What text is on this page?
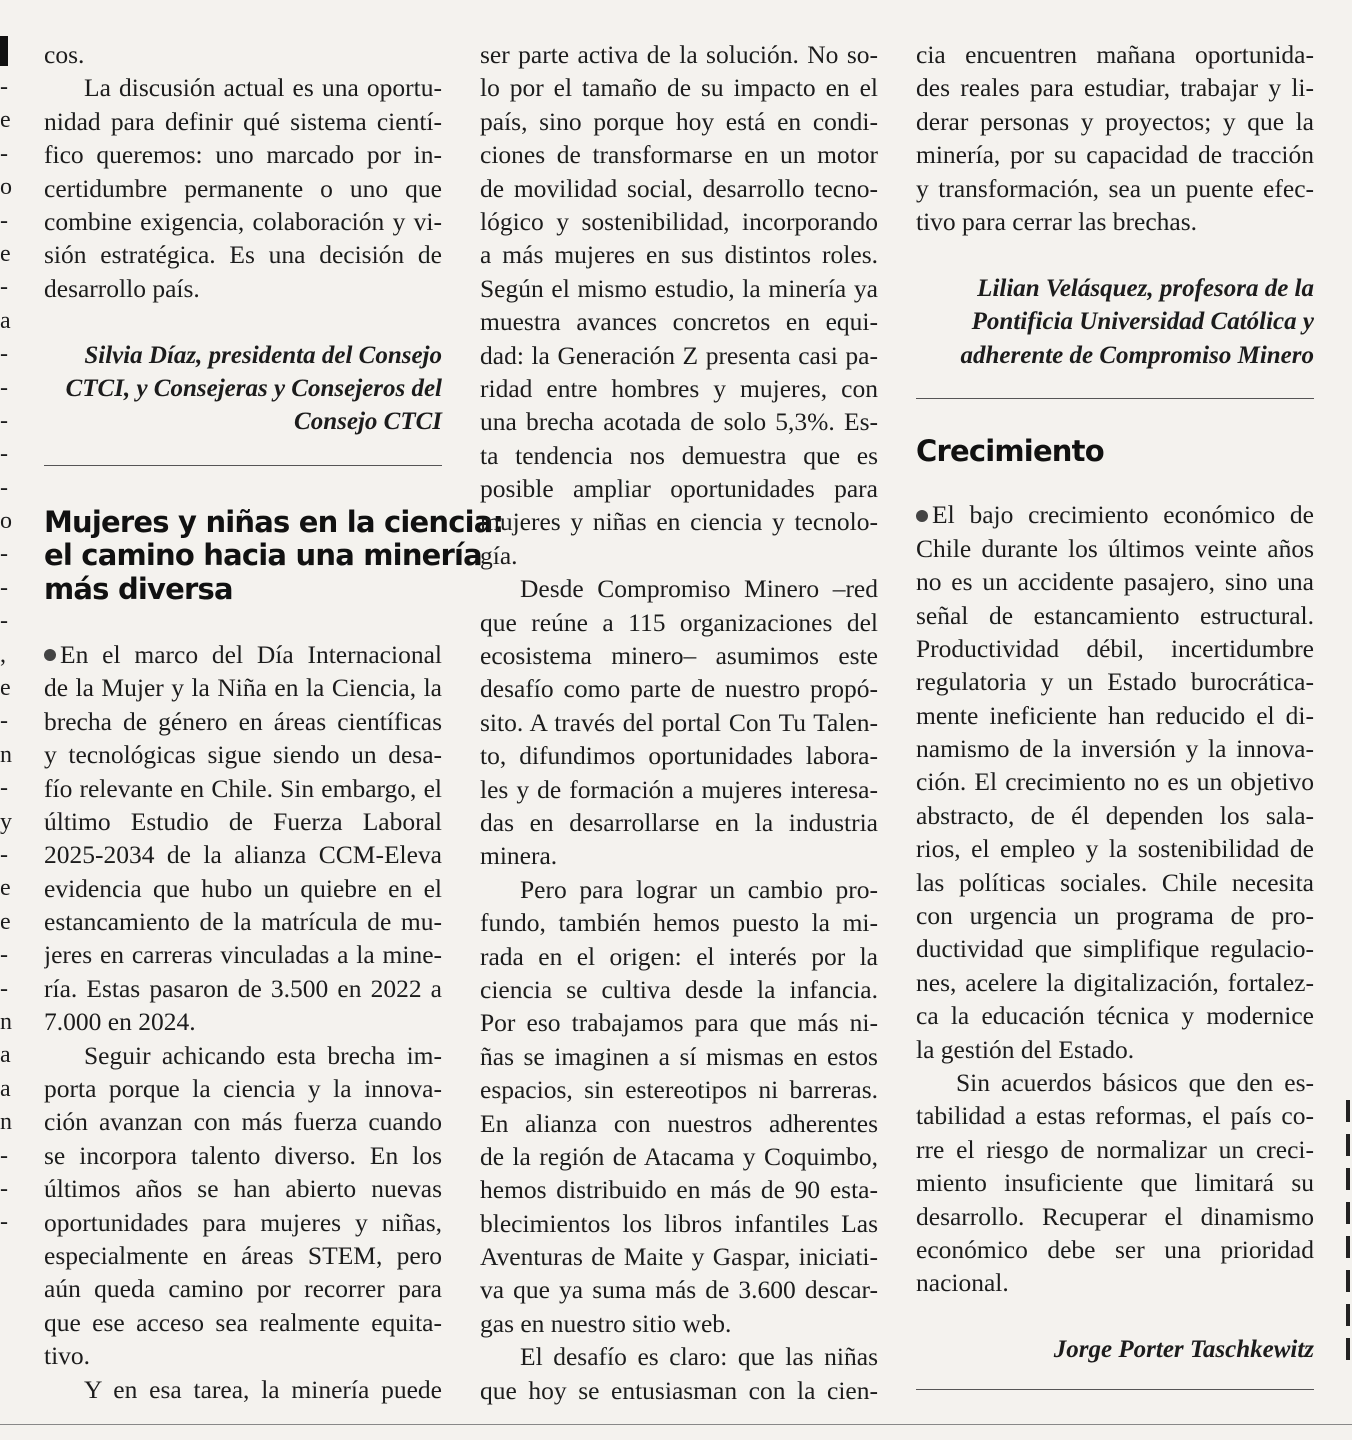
-
e
-
o
-
e
-
a
-
-
-
-
-
o
-
-
-
,
e
-
n
-
y
-
e
e
-
-
n
a
a
n
-
-
-
cos.
La discusión actual es una oportu-
nidad para definir qué sistema cientí-
fico queremos: uno marcado por in-
certidumbre permanente o uno que
combine exigencia, colaboración y vi-
sión estratégica. Es una decisión de
desarrollo país.
Silvia Díaz, presidenta del Consejo
CTCI, y Consejeras y Consejeros del
Consejo CTCI
Mujeres y niñas en la ciencia:
el camino hacia una minería
más diversa
En el marco del Día Internacional
de la Mujer y la Niña en la Ciencia, la
brecha de género en áreas científicas
y tecnológicas sigue siendo un desa-
fío relevante en Chile. Sin embargo, el
último Estudio de Fuerza Laboral
2025-2034 de la alianza CCM-Eleva
evidencia que hubo un quiebre en el
estancamiento de la matrícula de mu-
jeres en carreras vinculadas a la mine-
ría. Estas pasaron de 3.500 en 2022 a
7.000 en 2024.
Seguir achicando esta brecha im-
porta porque la ciencia y la innova-
ción avanzan con más fuerza cuando
se incorpora talento diverso. En los
últimos años se han abierto nuevas
oportunidades para mujeres y niñas,
especialmente en áreas STEM, pero
aún queda camino por recorrer para
que ese acceso sea realmente equita-
tivo.
Y en esa tarea, la minería puede
ser parte activa de la solución. No so-
lo por el tamaño de su impacto en el
país, sino porque hoy está en condi-
ciones de transformarse en un motor
de movilidad social, desarrollo tecno-
lógico y sostenibilidad, incorporando
a más mujeres en sus distintos roles.
Según el mismo estudio, la minería ya
muestra avances concretos en equi-
dad: la Generación Z presenta casi pa-
ridad entre hombres y mujeres, con
una brecha acotada de solo 5,3%. Es-
ta tendencia nos demuestra que es
posible ampliar oportunidades para
mujeres y niñas en ciencia y tecnolo-
gía.
Desde Compromiso Minero –red
que reúne a 115 organizaciones del
ecosistema minero– asumimos este
desafío como parte de nuestro propó-
sito. A través del portal Con Tu Talen-
to, difundimos oportunidades labora-
les y de formación a mujeres interesa-
das en desarrollarse en la industria
minera.
Pero para lograr un cambio pro-
fundo, también hemos puesto la mi-
rada en el origen: el interés por la
ciencia se cultiva desde la infancia.
Por eso trabajamos para que más ni-
ñas se imaginen a sí mismas en estos
espacios, sin estereotipos ni barreras.
En alianza con nuestros adherentes
de la región de Atacama y Coquimbo,
hemos distribuido en más de 90 esta-
blecimientos los libros infantiles Las
Aventuras de Maite y Gaspar, iniciati-
va que ya suma más de 3.600 descar-
gas en nuestro sitio web.
El desafío es claro: que las niñas
que hoy se entusiasman con la cien-
cia encuentren mañana oportunida-
des reales para estudiar, trabajar y li-
derar personas y proyectos; y que la
minería, por su capacidad de tracción
y transformación, sea un puente efec-
tivo para cerrar las brechas.
Lilian Velásquez, profesora de la
Pontificia Universidad Católica y
adherente de Compromiso Minero
Crecimiento
El bajo crecimiento económico de
Chile durante los últimos veinte años
no es un accidente pasajero, sino una
señal de estancamiento estructural.
Productividad débil, incertidumbre
regulatoria y un Estado burocrática-
mente ineficiente han reducido el di-
namismo de la inversión y la innova-
ción. El crecimiento no es un objetivo
abstracto, de él dependen los sala-
rios, el empleo y la sostenibilidad de
las políticas sociales. Chile necesita
con urgencia un programa de pro-
ductividad que simplifique regulacio-
nes, acelere la digitalización, fortalez-
ca la educación técnica y modernice
la gestión del Estado.
Sin acuerdos básicos que den es-
tabilidad a estas reformas, el país co-
rre el riesgo de normalizar un creci-
miento insuficiente que limitará su
desarrollo. Recuperar el dinamismo
económico debe ser una prioridad
nacional.
Jorge Porter Taschkewitz
